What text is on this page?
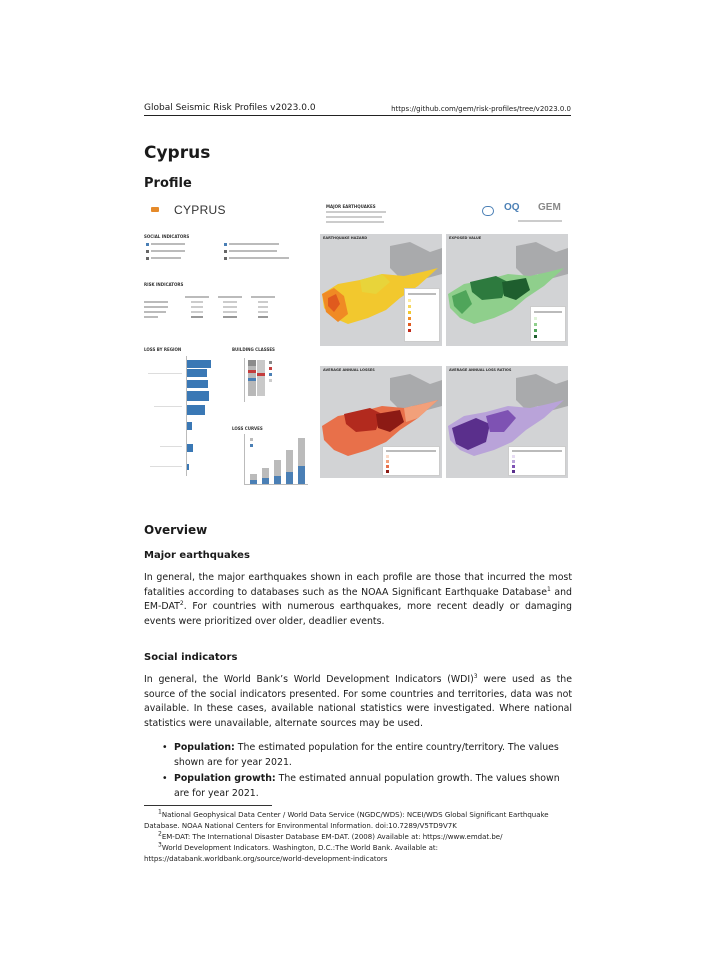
Global Seismic Risk Profiles v2023.0.0	https://github.com/gem/risk-profiles/tree/v2023.0.0
Cyprus
Profile
CYPRUS
SOCIAL INDICATORS
RISK INDICATORS
LOSS BY REGION	BUILDING CLASSES
LOSS CURVES
MAJOR EARTHQUAKES	OQ GEM
EARTHQUAKE HAZARD	EXPOSED VALUE
AVERAGE ANNUAL LOSSES	AVERAGE ANNUAL LOSS RATIOS
Overview
Major earthquakes

In general, the major earthquakes shown in each profile are those that incurred the most fatalities according to databases such as the NOAA Significant Earthquake Database$^1$ and EM-DAT$^2$. For countries with numerous earthquakes, more recent deadly or damaging events were prioritized over older, deadlier events.

Social indicators

In general, the World Bank’s World Development Indicators (WDI)$^3$ were used as the source of the social indicators presented. For some countries and territories, data was not available. In these cases, available national statistics were investigated. Where national statistics were unavailable, alternate sources may be used.

• Population: The estimated population for the entire country/territory. The values shown are for year 2021.
• Population growth: The estimated annual population growth. The values shown are for year 2021.

$^1$National Geophysical Data Center / World Data Service (NGDC/WDS): NCEI/WDS Global Significant Earthquake Database. NOAA National Centers for Environmental Information. doi:10.7289/V5TD9V7K

$^2$EM-DAT: The International Disaster Database EM-DAT. (2008) Available at: https://www.emdat.be/

$^3$World Development Indicators. Washington, D.C.:The World Bank. Available at: https://databank.worldbank.org/source/world-development-indicators
